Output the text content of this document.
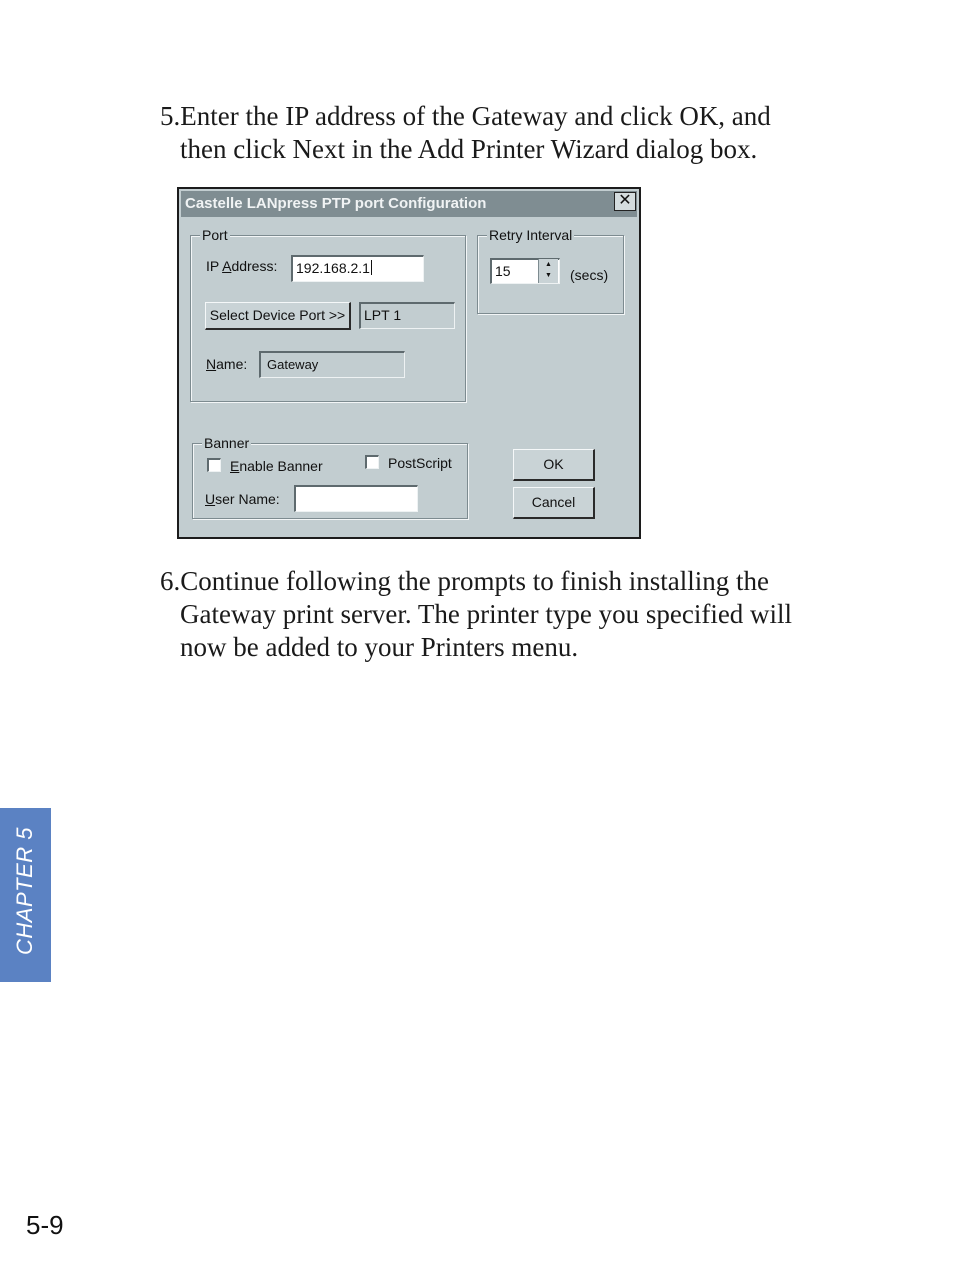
5.Enter the IP address of the Gateway and click OK, and
then click Next in the Add Printer Wizard dialog box.
Castelle LANpress PTP port Configuration	✕
Port
IP Address:	192.168.2.1
Select Device Port >>	LPT 1
Name:	Gateway
Retry Interval
15	▲
▼	(secs)
Banner
Enable Banner	PostScript
User Name:
OK
Cancel
6.Continue following the prompts to finish installing the
Gateway print server. The printer type you specified will
now be added to your Printers menu.
CHAPTER 5
5-9
